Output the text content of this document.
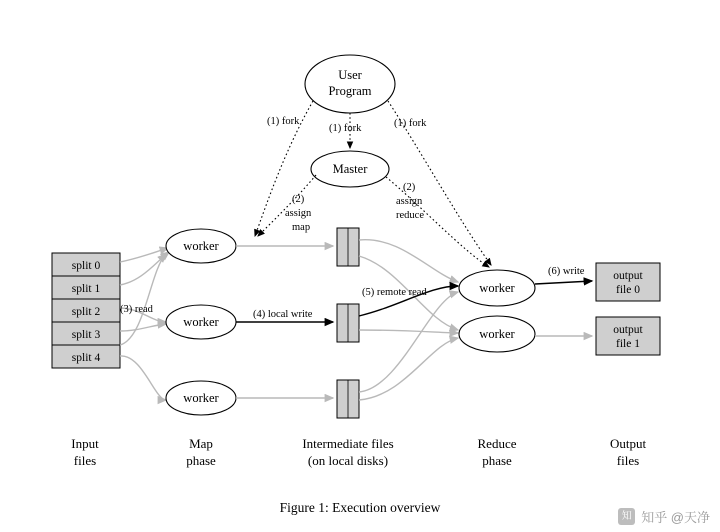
split 0
split 1
split 2
split 3
split 4
worker
worker
worker
worker
worker
output
file 0
output
file 1
User
Program
Master
(1) fork
(1) fork	(1) fork
(2)
assign
map
(2)
assign
reduce
(3) read	(4) local write
(5) remote read
(6) write
Input
files
Map
phase
Intermediate files
(on local disks)
Reduce
phase
Output
files
Figure 1: Execution overview
知 知乎 @天净
